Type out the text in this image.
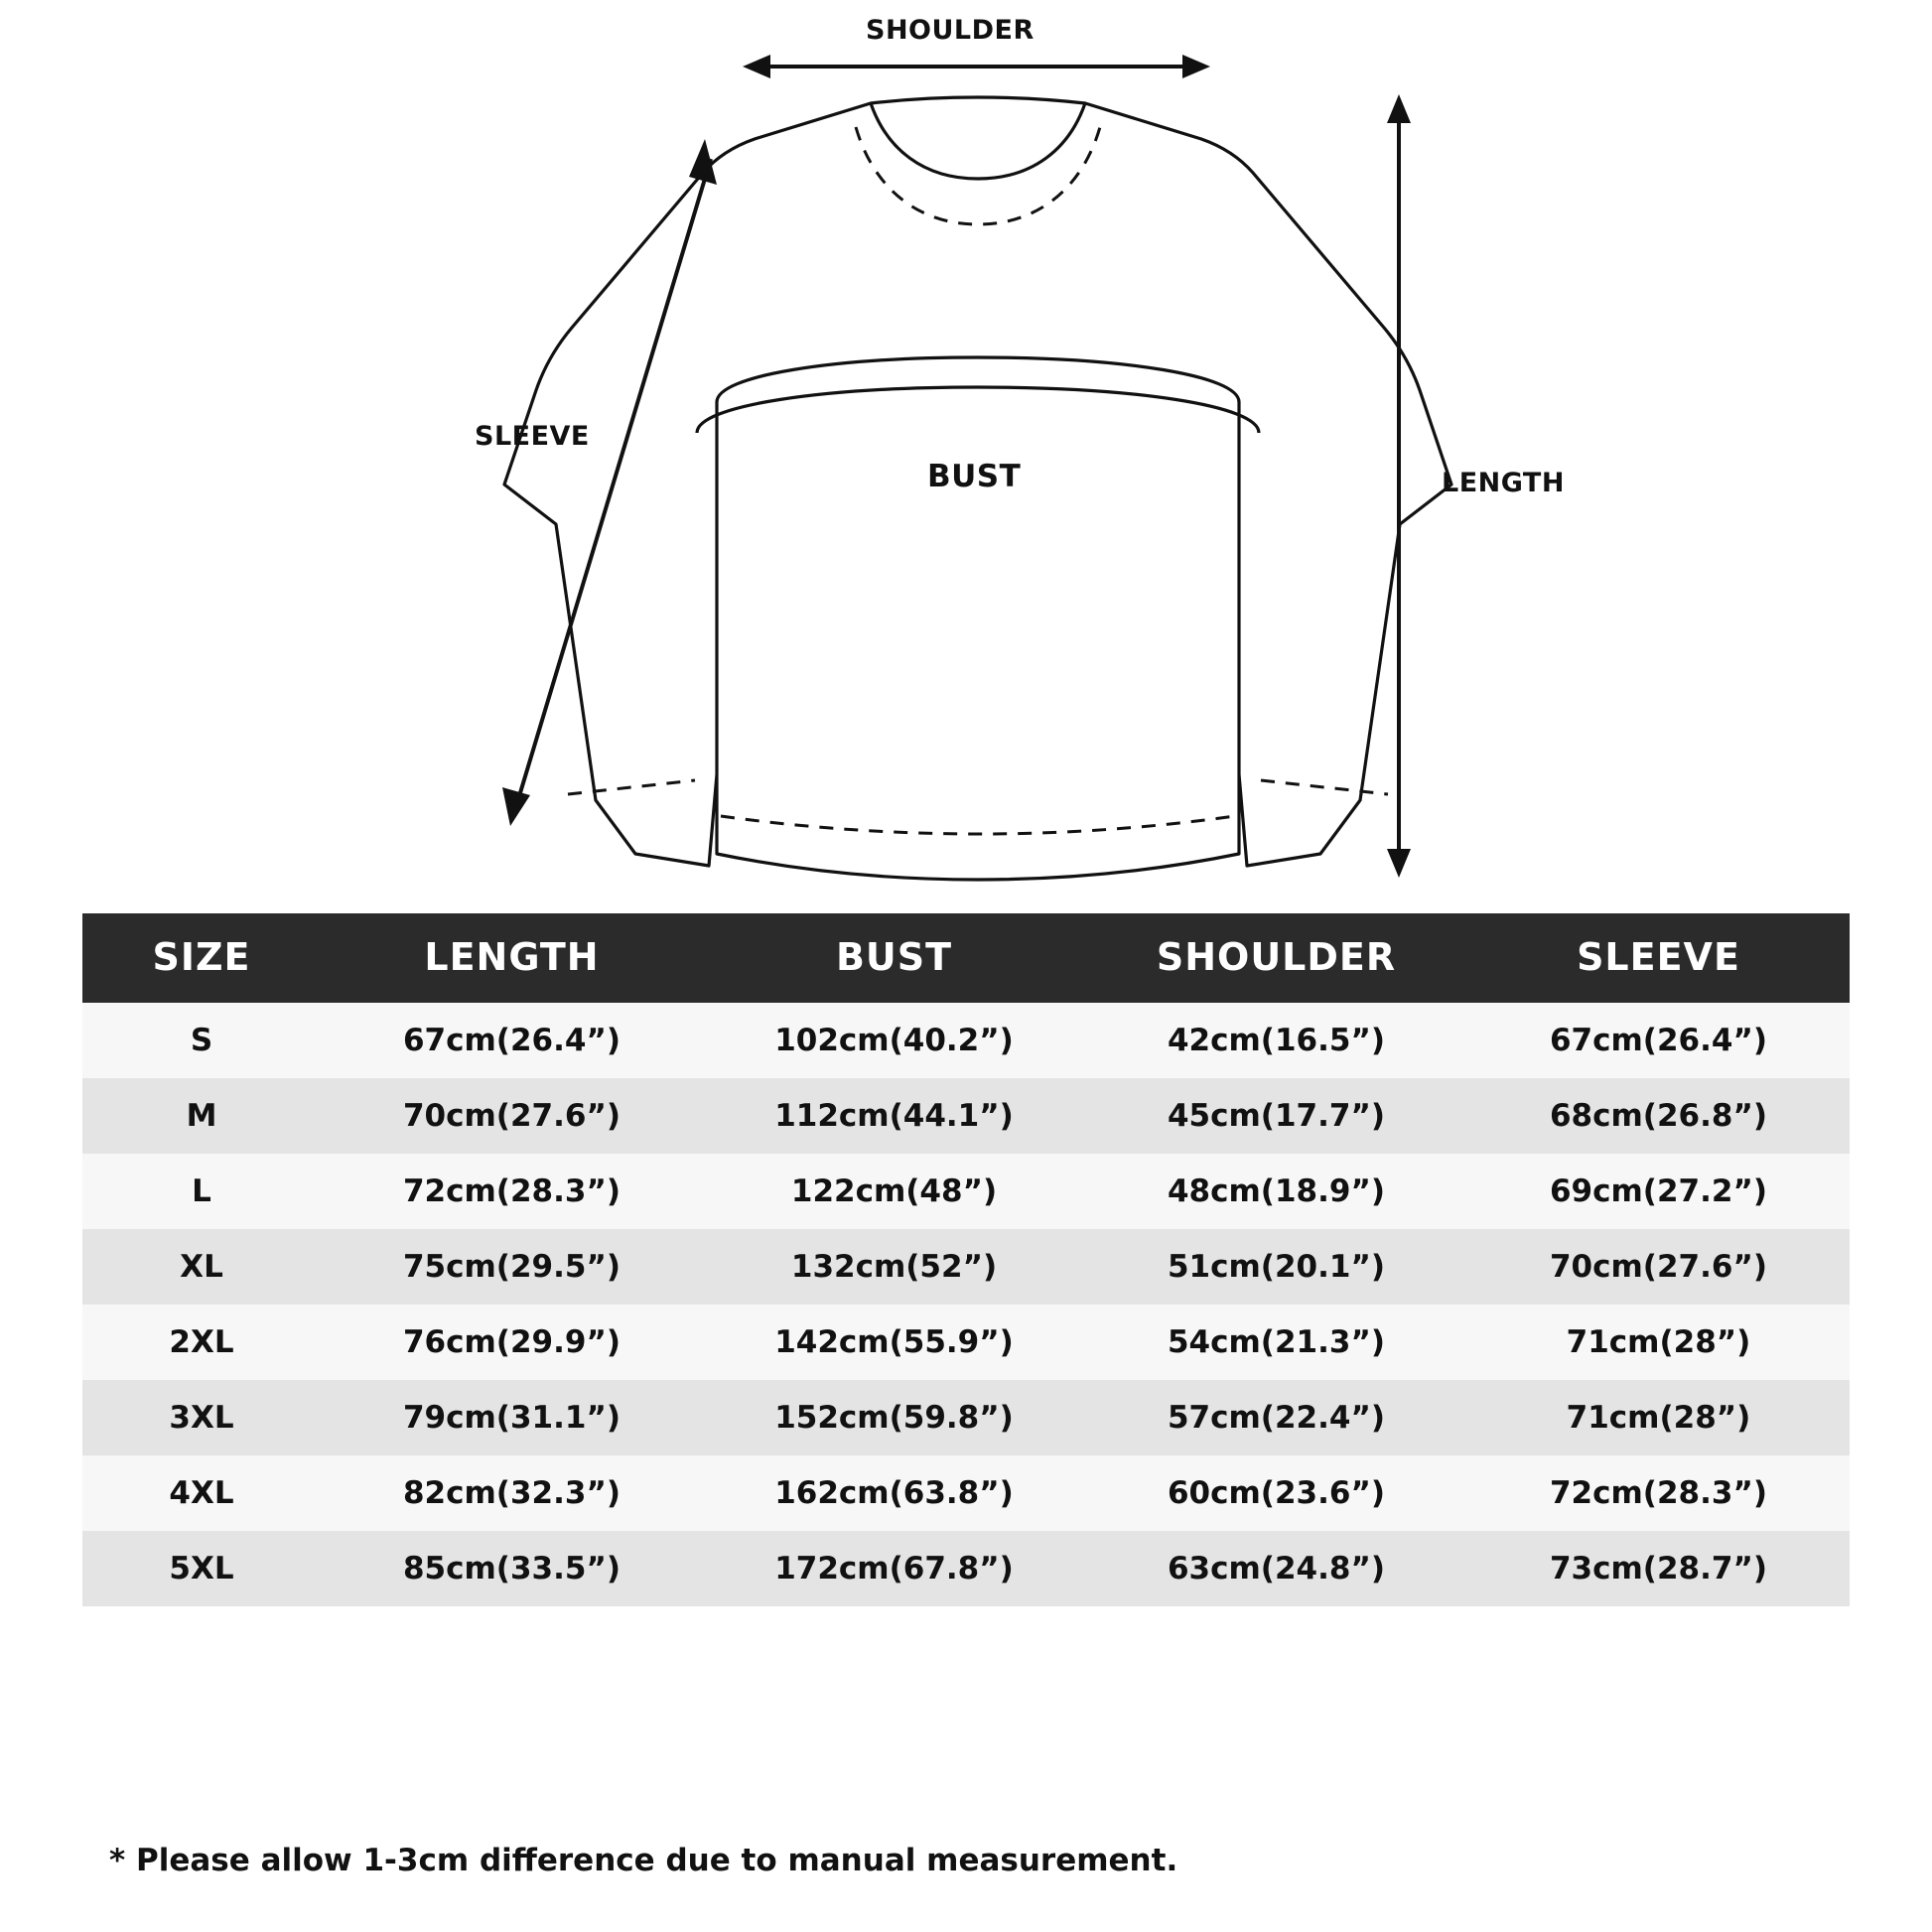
SHOULDER
SLEEVE
BUST	LENGTH
SIZE	LENGTH	BUST	SHOULDER	SLEEVE
S	67cm(26.4”)	102cm(40.2”)	42cm(16.5”)	67cm(26.4”)
M	70cm(27.6”)	112cm(44.1”)	45cm(17.7”)	68cm(26.8”)
L	72cm(28.3”)	122cm(48”)	48cm(18.9”)	69cm(27.2”)
XL	75cm(29.5”)	132cm(52”)	51cm(20.1”)	70cm(27.6”)
2XL	76cm(29.9”)	142cm(55.9”)	54cm(21.3”)	71cm(28”)
3XL	79cm(31.1”)	152cm(59.8”)	57cm(22.4”)	71cm(28”)
4XL	82cm(32.3”)	162cm(63.8”)	60cm(23.6”)	72cm(28.3”)
5XL	85cm(33.5”)	172cm(67.8”)	63cm(24.8”)	73cm(28.7”)
* Please allow 1-3cm difference due to manual measurement.
